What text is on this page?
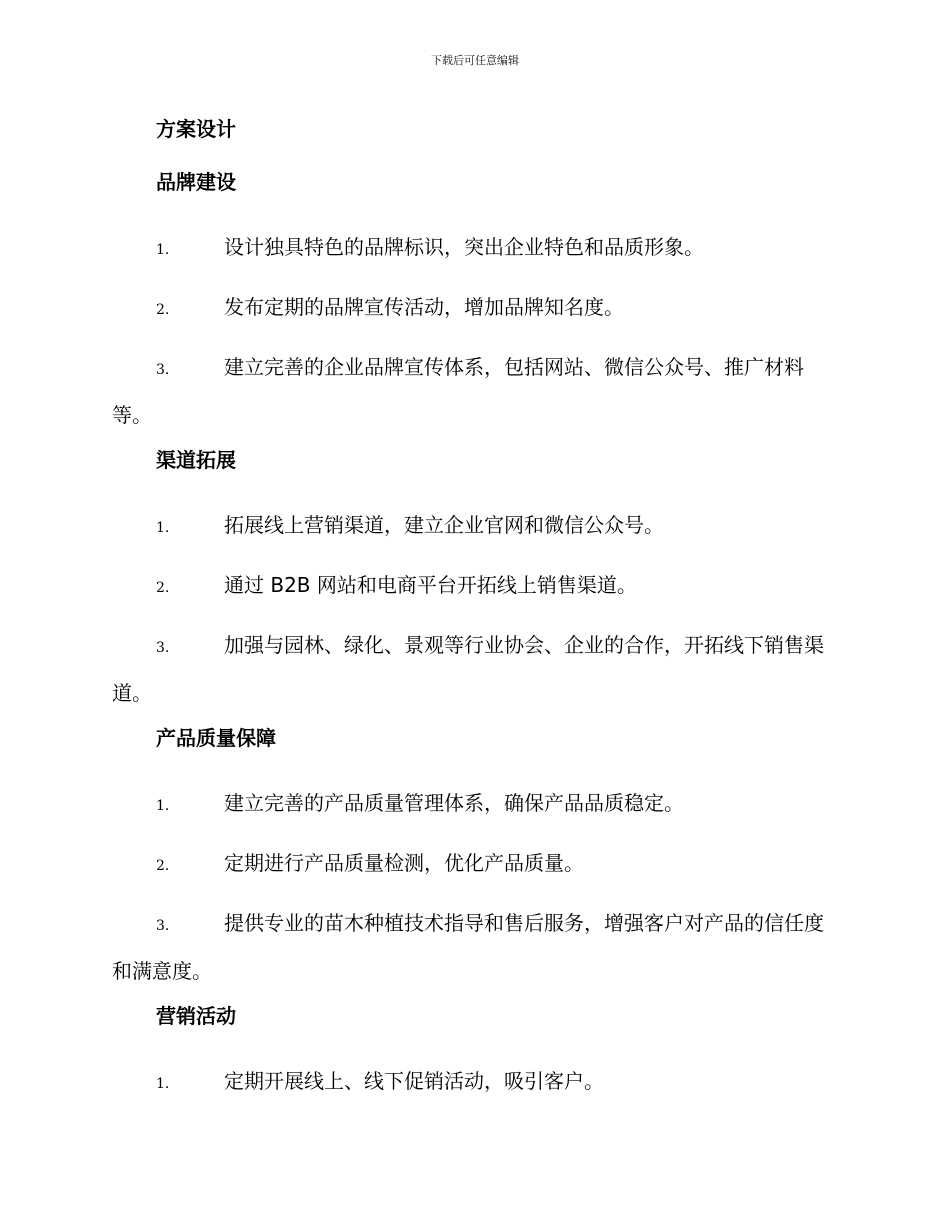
下载后可任意编辑
方案设计
品牌建设

1.	设计独具特色的品牌标识，突出企业特色和品质形象。

2.	发布定期的品牌宣传活动，增加品牌知名度。

3.	建立完善的企业品牌宣传体系，包括网站、微信公众号、推广材料等。

渠道拓展

1.	拓展线上营销渠道，建立企业官网和微信公众号。

2.	通过 B2B 网站和电商平台开拓线上销售渠道。

3.	加强与园林、绿化、景观等行业协会、企业的合作，开拓线下销售渠道。

产品质量保障

1.	建立完善的产品质量管理体系，确保产品品质稳定。

2.	定期进行产品质量检测，优化产品质量。

3.	提供专业的苗木种植技术指导和售后服务，增强客户对产品的信任度和满意度。

营销活动

1.	定期开展线上、线下促销活动，吸引客户。
